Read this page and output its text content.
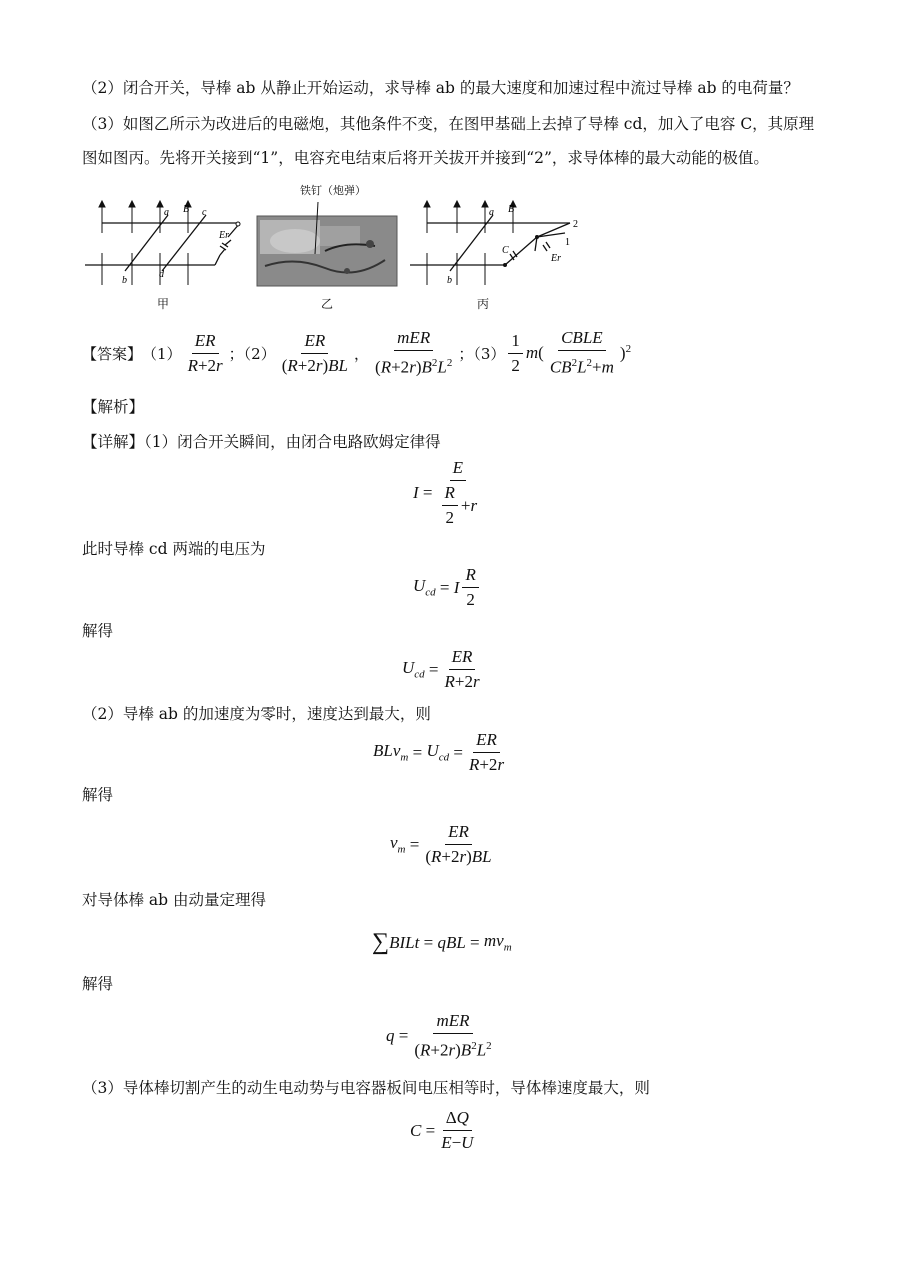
（2）闭合开关，导棒 ab 从静止开始运动，求导棒 ab 的最大速度和加速过程中流过导棒 ab 的电荷量？
（3）如图乙所示为改进后的电磁炮，其他条件不变，在图甲基础上去掉了导棒 cd，加入了电容 C，其原理
图如图丙。先将开关接到“1”，电容充电结束后将开关拔开并接到“2”，求导体棒的最大动能的极值。
a B c
b
d
Er
甲
铁钉（炮弹）
乙
a B
b
C
Er
1
2
丙
【答案】 $(1) \frac{ER}{R+2r}$ ；$(2) \frac{ER}{(R+2r)BL}$ ， $\frac{\text{mER}}{(R+2r)B^2L^2}$ ；$(3) \frac{1}{2} m( \frac{\text{CBLE}}{CB^2L^2+m} )^2$
【解析】
【详解】（1）闭合开关瞬间，由闭合电路欧姆定律得
$I = \frac{E}{\frac{R}{2} + r}$
此时导棒 cd 两端的电压为
$U_{cd} = I \frac{R}{2}$
解得
$U_{cd} = \frac{ER}{R+2r}$
（2）导棒 ab 的加速度为零时，速度达到最大，则
$BLv_m = U_{cd} = \frac{ER}{R+2r}$
解得
$v_m = \frac{ER}{(R+2r)BL}$
对导体棒 ab 由动量定理得
∑ BILt = qBL = $mv_m$
解得
$q = \frac{\text{mER}}{(R+2r)B^2L^2}$
（3）导体棒切割产生的动生电动势与电容器板间电压相等时，导体棒速度最大，则
$C = \frac{\Delta Q}{E-U}$
